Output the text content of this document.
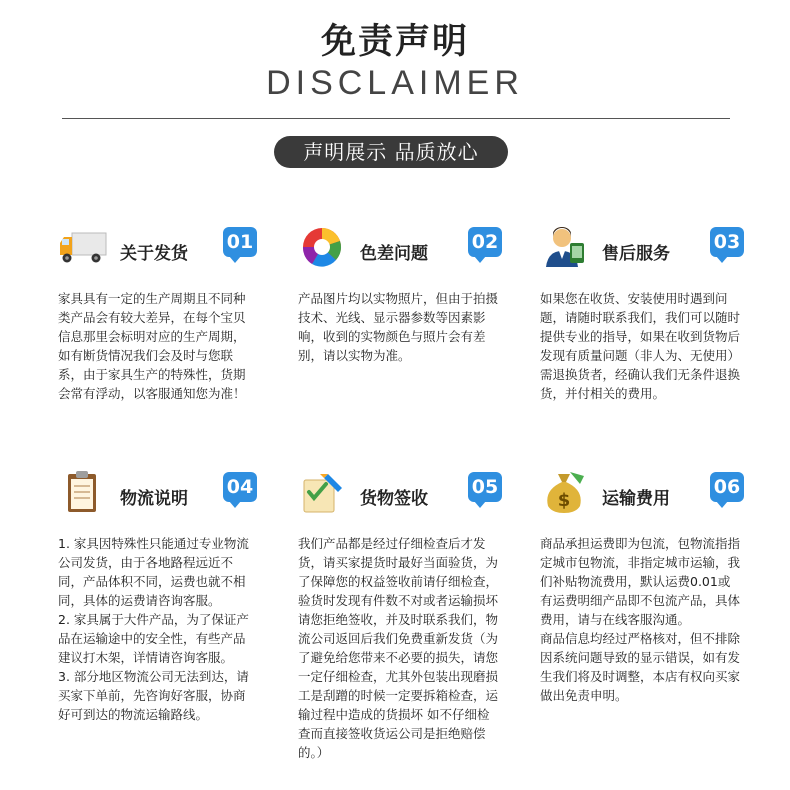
免责声明
DISCLAIMER
声明展示 品质放心
关于发货
01

家具具有一定的生产周期且不同种类产品会有较大差异，在每个宝贝信息那里会标明对应的生产周期，如有断货情况我们会及时与您联系，由于家具生产的特殊性，货期会常有浮动，以客服通知您为准！

色差问题
02

产品图片均以实物照片，但由于拍摄技术、光线、显示器参数等因素影响，收到的实物颜色与照片会有差别，请以实物为准。

售后服务
03

如果您在收货、安装使用时遇到问题，请随时联系我们，我们可以随时提供专业的指导，如果在收到货物后发现有质量问题（非人为、无使用）需退换货者，经确认我们无条件退换货，并付相关的费用。

物流说明
04

1. 家具因特殊性只能通过专业物流公司发货，由于各地路程远近不同，产品体积不同，运费也就不相同，具体的运费请咨询客服。

2. 家具属于大件产品，为了保证产品在运输途中的安全性，有些产品建议打木架，详情请咨询客服。

3. 部分地区物流公司无法到达，请买家下单前，先咨询好客服，协商好可到达的物流运输路线。

货物签收
05

我们产品都是经过仔细检查后才发货，请买家提货时最好当面验货，为了保障您的权益签收前请仔细检查，验货时发现有件数不对或者运输损坏请您拒绝签收，并及时联系我们，物流公司返回后我们免费重新发货（为了避免给您带来不必要的损失，请您一定仔细检查，尤其外包装出现磨损工是刮蹭的时候一定要拆箱检查，运输过程中造成的货损坏 如不仔细检查而直接签收货运公司是拒绝赔偿的。）

$ 运输费用
06

商品承担运费即为包流，包物流指指定城市包物流，非指定城市运输，我们补贴物流费用，默认运费0.01或有运费明细产品即不包流产品，具体费用，请与在线客服沟通。

商品信息均经过严格核对，但不排除因系统问题导致的显示错误，如有发生我们将及时调整，本店有权向买家做出免责申明。
